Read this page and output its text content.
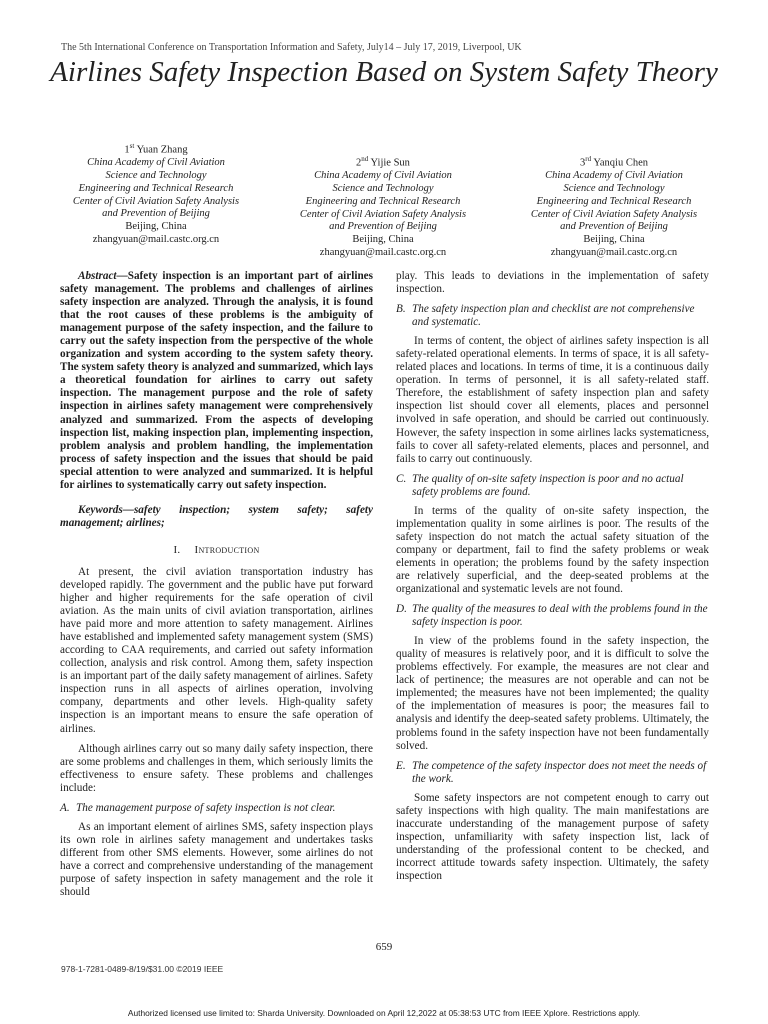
The 5th International Conference on Transportation Information and Safety, July14 – July 17, 2019, Liverpool, UK
Airlines Safety Inspection Based on System Safety Theory
1st Yuan Zhang
China Academy of Civil Aviation
Science and Technology
Engineering and Technical Research
Center of Civil Aviation Safety Analysis
and Prevention of Beijing
Beijing, China
zhangyuan@mail.castc.org.cn
2nd Yijie Sun
China Academy of Civil Aviation
Science and Technology
Engineering and Technical Research
Center of Civil Aviation Safety Analysis
and Prevention of Beijing
Beijing, China
zhangyuan@mail.castc.org.cn
3rd Yanqiu Chen
China Academy of Civil Aviation
Science and Technology
Engineering and Technical Research
Center of Civil Aviation Safety Analysis
and Prevention of Beijing
Beijing, China
zhangyuan@mail.castc.org.cn

Abstract—Safety inspection is an important part of airlines safety management. The problems and challenges of airlines safety inspection are analyzed. Through the analysis, it is found that the root causes of these problems is the ambiguity of management purpose of the safety inspection, and the failure to carry out the safety inspection from the perspective of the whole organization and system according to the system safety theory. The system safety theory is analyzed and summarized, which lays a theoretical foundation for airlines to carry out safety inspection. The management purpose and the role of safety inspection in airlines safety management were comprehensively analyzed and summarized. From the aspects of developing inspection list, making inspection plan, implementing inspection, problem analysis and problem handling, the implementation process of safety inspection and the issues that should be paid special attention to were analyzed and summarized. It is helpful for airlines to systematically carry out safety inspection.

Keywords—safety inspection; system safety; safety management; airlines;

I. Introduction

At present, the civil aviation transportation industry has developed rapidly. The government and the public have put forward higher and higher requirements for the safe operation of civil aviation. As the main units of civil aviation transportation, airlines have paid more and more attention to safety management. Airlines have established and implemented safety management system (SMS) according to CAA requirements, and carried out safety information collection, analysis and risk control. Among them, safety inspection is an important part of the daily safety management of airlines. Safety inspection runs in all aspects of airlines operation, involving company, departments and other levels. High-quality safety inspection is an important means to ensure the safe operation of airlines.

Although airlines carry out so many daily safety inspection, there are some problems and challenges in them, which seriously limits the effectiveness to ensure safety. These problems and challenges include:

A. The management purpose of safety inspection is not clear.

As an important element of airlines SMS, safety inspection plays its own role in airlines safety management and undertakes tasks different from other SMS elements. However, some airlines do not have a correct and comprehensive understanding of the management purpose of safety inspection in safety management and the role it should

play. This leads to deviations in the implementation of safety inspection.

B. The safety inspection plan and checklist are not comprehensive and systematic.

In terms of content, the object of airlines safety inspection is all safety-related operational elements. In terms of space, it is all safety-related places and locations. In terms of time, it is a continuous daily operation. In terms of personnel, it is all safety-related staff. Therefore, the establishment of safety inspection plan and safety inspection list should cover all elements, places and personnel involved in safe operation, and should be carried out continuously. However, the safety inspection in some airlines lacks systematicness, fails to cover all safety-related elements, places and personnel, and fails to carry out continuously.

C. The quality of on-site safety inspection is poor and no actual safety problems are found.

In terms of the quality of on-site safety inspection, the implementation quality in some airlines is poor. The results of the safety inspection do not match the actual safety situation of the company or department, fail to find the safety problems or weak elements in operation; the problems found by the safety inspection are relatively superficial, and the deep-seated problems at the organizational and systematic levels are not found.

D. The quality of the measures to deal with the problems found in the safety inspection is poor.

In view of the problems found in the safety inspection, the quality of measures is relatively poor, and it is difficult to solve the problems effectively. For example, the measures are not clear and lack of pertinence; the measures are not operable and can not be implemented; the measures have not been implemented; the quality of the implementation of measures is poor; the measures fail to analysis and identify the deep-seated safety problems. Ultimately, the problems found in the safety inspection have not been fundamentally solved.

E. The competence of the safety inspector does not meet the needs of the work.

Some safety inspectors are not competent enough to carry out safety inspections with high quality. The main manifestations are inaccurate understanding of the management purpose of safety inspection, unfamiliarity with safety inspection list, lack of understanding of the professional content to be checked, and incorrect attitude towards safety inspection. Ultimately, the safety inspection

659
978-1-7281-0489-8/19/$31.00 ©2019 IEEE
Authorized licensed use limited to: Sharda University. Downloaded on April 12,2022 at 05:38:53 UTC from IEEE Xplore. Restrictions apply.
